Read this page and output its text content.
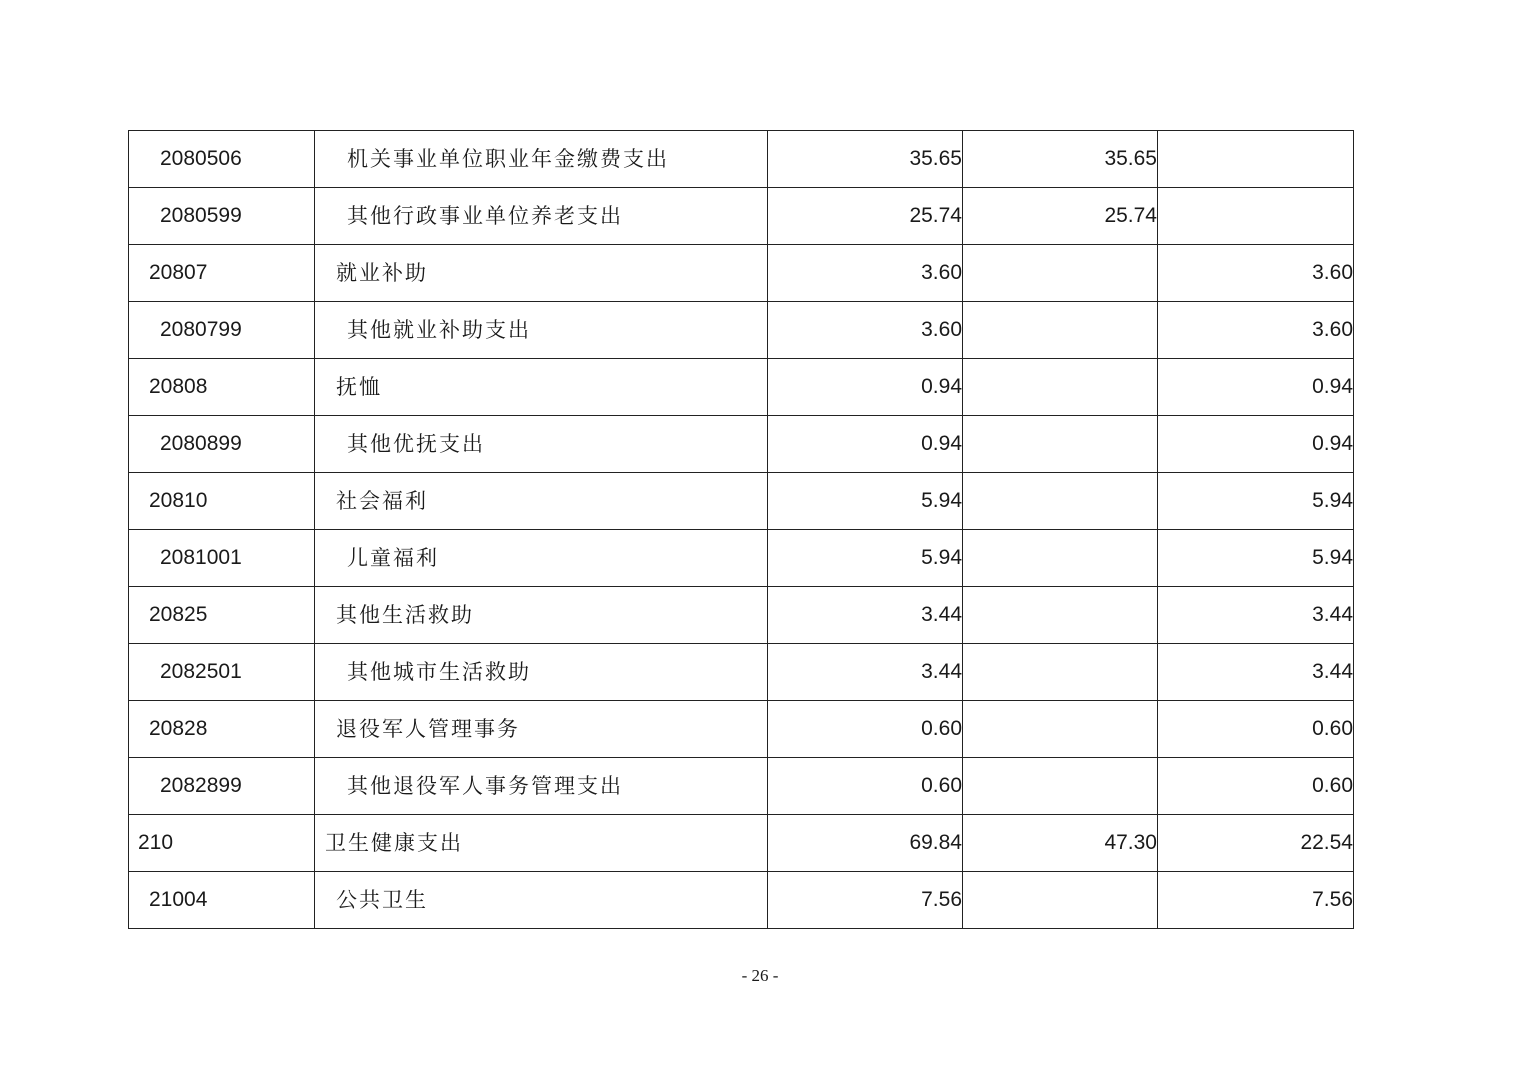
2080506	机关事业单位职业年金缴费支出	35.65	35.65	
2080599	其他行政事业单位养老支出	25.74	25.74	
20807	就业补助	3.60		3.60
2080799	其他就业补助支出	3.60		3.60
20808	抚恤	0.94		0.94
2080899	其他优抚支出	0.94		0.94
20810	社会福利	5.94		5.94
2081001	儿童福利	5.94		5.94
20825	其他生活救助	3.44		3.44
2082501	其他城市生活救助	3.44		3.44
20828	退役军人管理事务	0.60		0.60
2082899	其他退役军人事务管理支出	0.60		0.60
210	卫生健康支出	69.84	47.30	22.54
21004	公共卫生	7.56		7.56
- 26 -
